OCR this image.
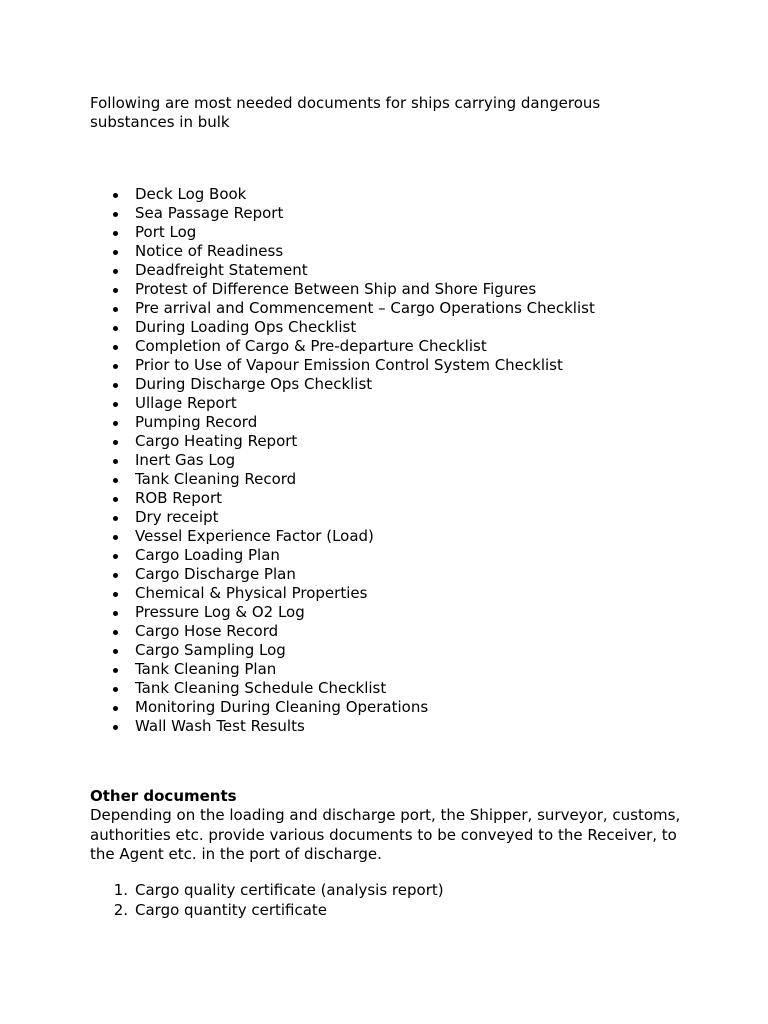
Following are most needed documents for ships carrying dangerous substances in bulk

Deck Log Book
Sea Passage Report
Port Log
Notice of Readiness
Deadfreight Statement
Protest of Difference Between Ship and Shore Figures
Pre arrival and Commencement – Cargo Operations Checklist
During Loading Ops Checklist
Completion of Cargo & Pre-departure Checklist
Prior to Use of Vapour Emission Control System Checklist
During Discharge Ops Checklist
Ullage Report
Pumping Record
Cargo Heating Report
Inert Gas Log
Tank Cleaning Record
ROB Report
Dry receipt
Vessel Experience Factor (Load)
Cargo Loading Plan
Cargo Discharge Plan
Chemical & Physical Properties
Pressure Log & O2 Log
Cargo Hose Record
Cargo Sampling Log
Tank Cleaning Plan
Tank Cleaning Schedule Checklist
Monitoring During Cleaning Operations
Wall Wash Test Results
Other documents

Depending on the loading and discharge port, the Shipper, surveyor, customs, authorities etc. provide various documents to be conveyed to the Receiver, to the Agent etc. in the port of discharge.

1. Cargo quality certificate (analysis report)
2. Cargo quantity certificate
